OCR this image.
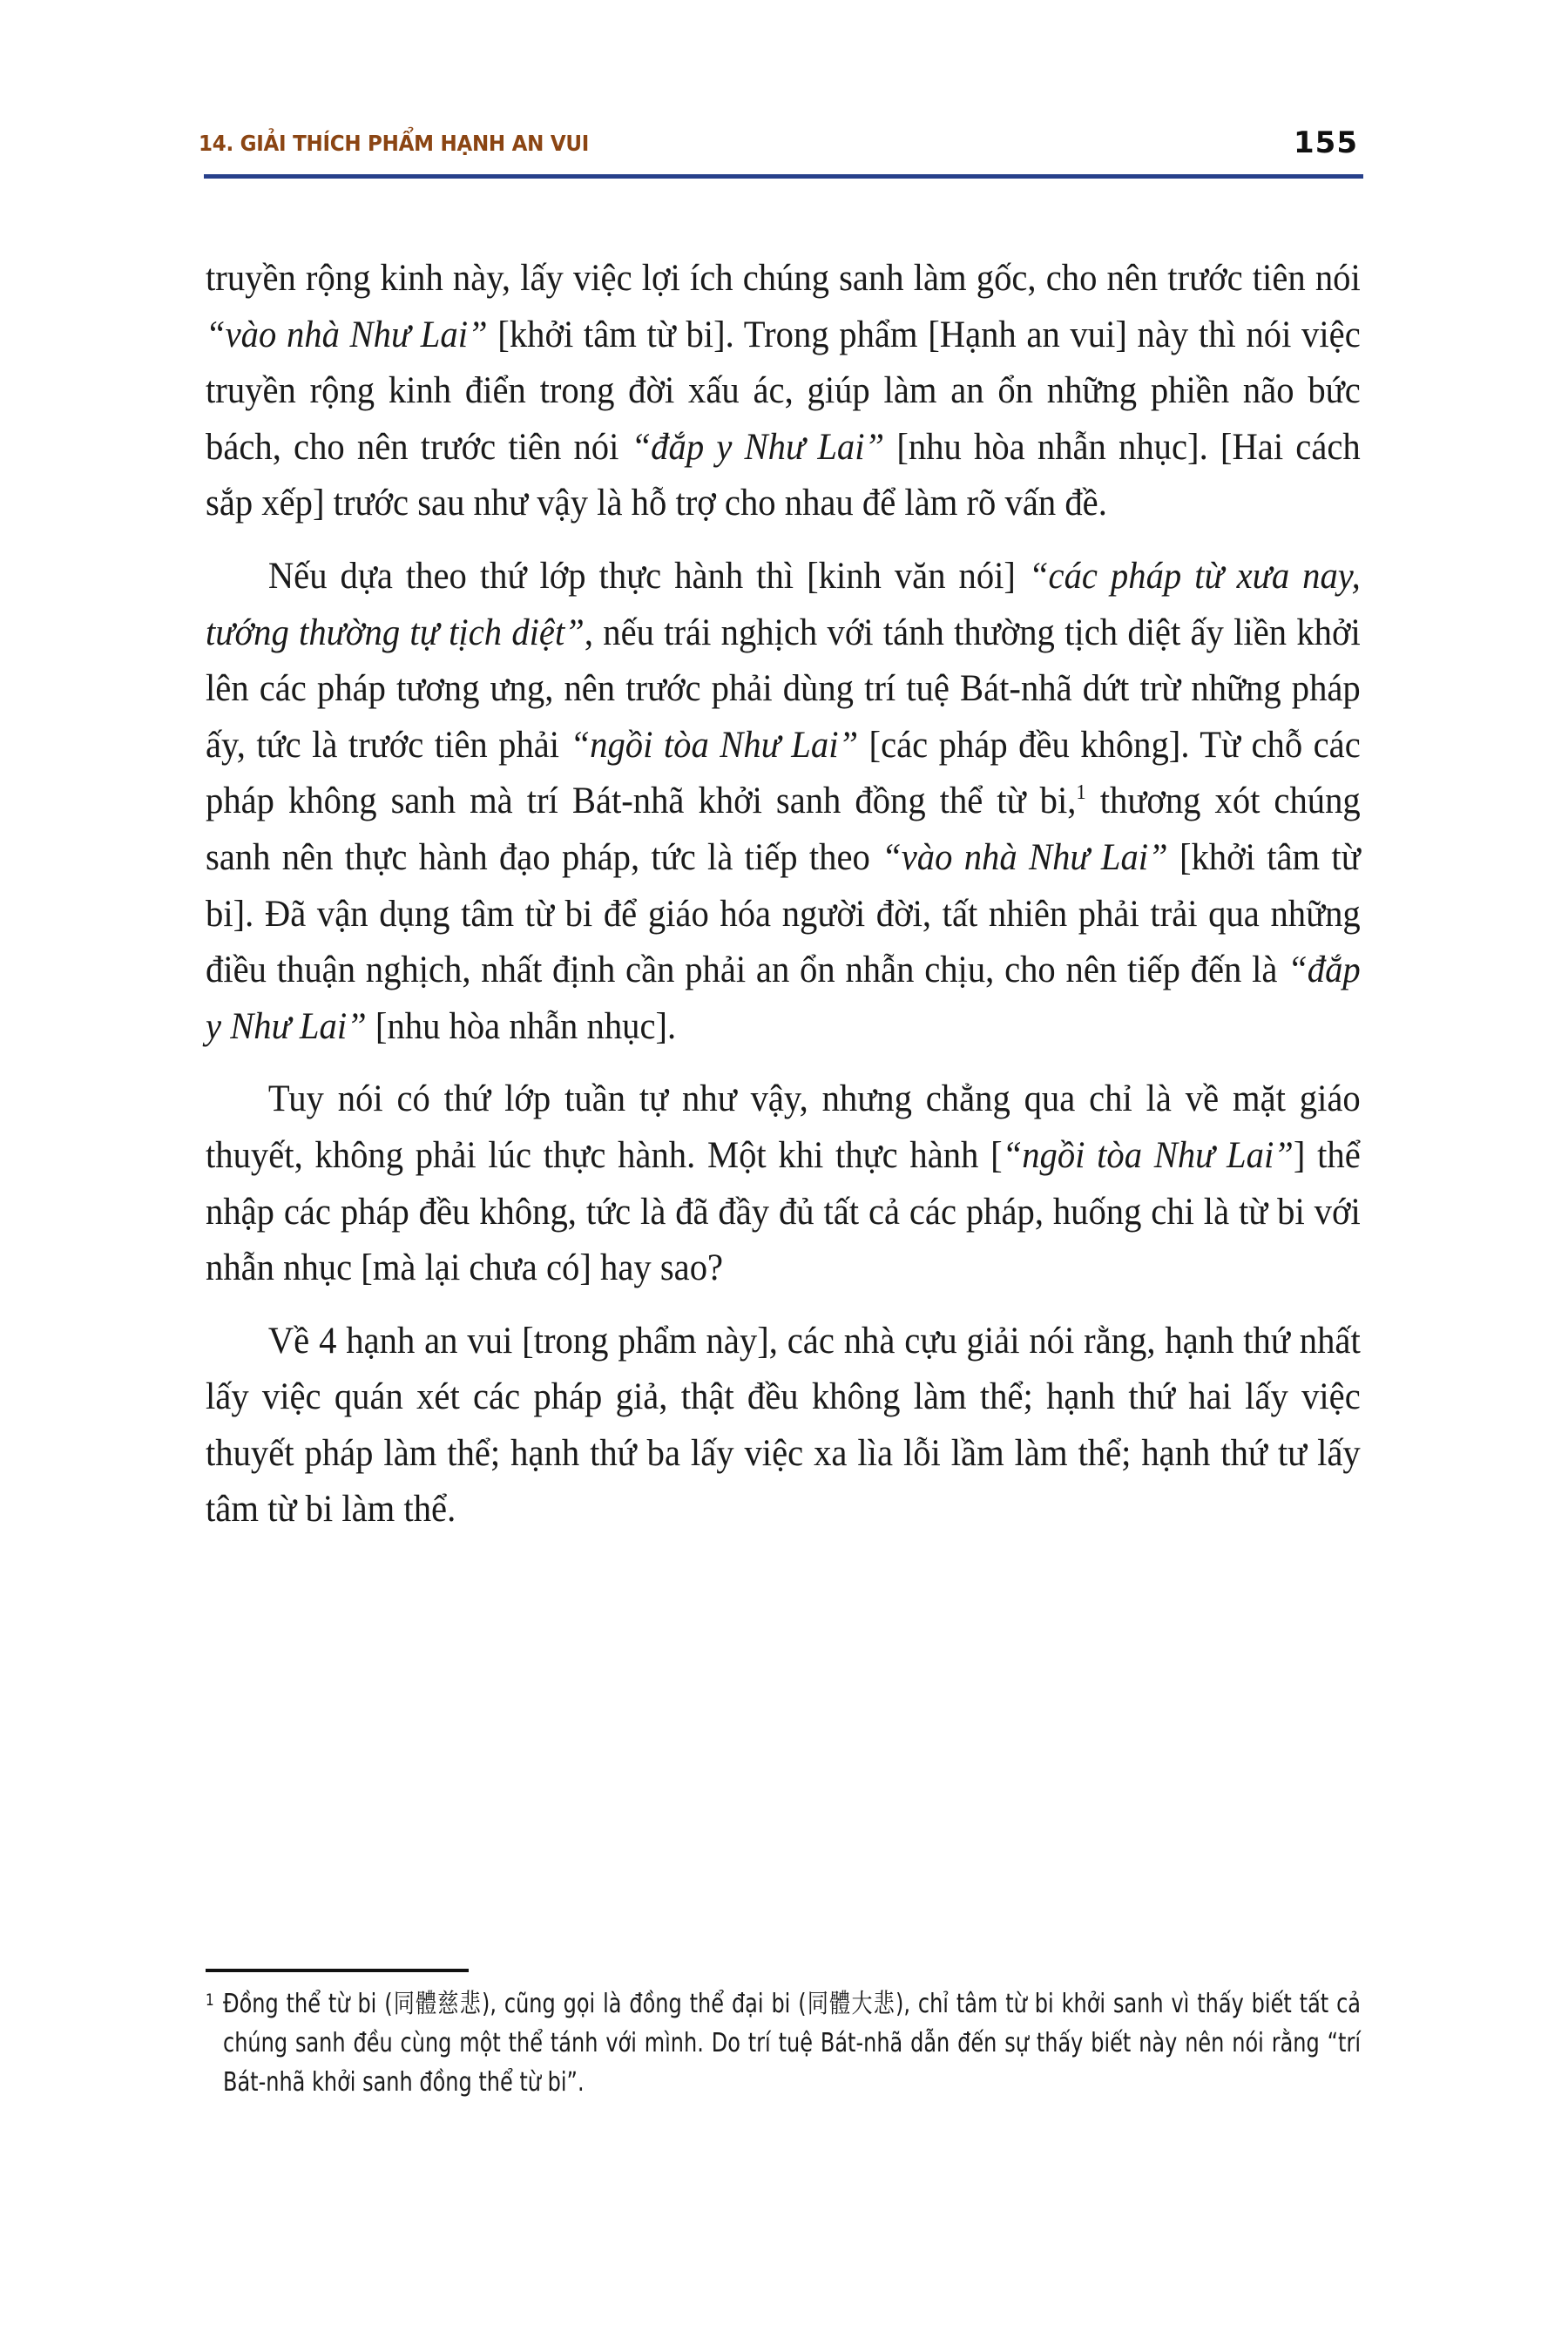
14. GIẢI THÍCH PHẨM HẠNH AN VUI	155

truyền rộng kinh này, lấy việc lợi ích chúng sanh làm gốc, cho nên trước tiên nói “vào nhà Như Lai” [khởi tâm từ bi]. Trong phẩm [Hạnh an vui] này thì nói việc truyền rộng kinh điển trong đời xấu ác, giúp làm an ổn những phiền não bức bách, cho nên trước tiên nói “đắp y Như Lai” [nhu hòa nhẫn nhục]. [Hai cách sắp xếp] trước sau như vậy là hỗ trợ cho nhau để làm rõ vấn đề.

Nếu dựa theo thứ lớp thực hành thì [kinh văn nói] “các pháp từ xưa nay, tướng thường tự tịch diệt”, nếu trái nghịch với tánh thường tịch diệt ấy liền khởi lên các pháp tương ưng, nên trước phải dùng trí tuệ Bát-nhã dứt trừ những pháp ấy, tức là trước tiên phải “ngồi tòa Như Lai” [các pháp đều không]. Từ chỗ các pháp không sanh mà trí Bát-nhã khởi sanh đồng thể từ bi,$^1$ thương xót chúng sanh nên thực hành đạo pháp, tức là tiếp theo “vào nhà Như Lai” [khởi tâm từ bi]. Đã vận dụng tâm từ bi để giáo hóa người đời, tất nhiên phải trải qua những điều thuận nghịch, nhất định cần phải an ổn nhẫn chịu, cho nên tiếp đến là “đắp y Như Lai” [nhu hòa nhẫn nhục].

Tuy nói có thứ lớp tuần tự như vậy, nhưng chẳng qua chỉ là về mặt giáo thuyết, không phải lúc thực hành. Một khi thực hành [“ngồi tòa Như Lai”] thể nhập các pháp đều không, tức là đã đầy đủ tất cả các pháp, huống chi là từ bi với nhẫn nhục [mà lại chưa có] hay sao?

Về 4 hạnh an vui [trong phẩm này], các nhà cựu giải nói rằng, hạnh thứ nhất lấy việc quán xét các pháp giả, thật đều không làm thể; hạnh thứ hai lấy việc thuyết pháp làm thể; hạnh thứ ba lấy việc xa lìa lỗi lầm làm thể; hạnh thứ tư lấy tâm từ bi làm thể.

1 Đồng thể từ bi (同體慈悲), cũng gọi là đồng thể đại bi (同體大悲), chỉ tâm từ bi khởi sanh vì thấy biết tất cả chúng sanh đều cùng một thể tánh với mình. Do trí tuệ Bát-nhã dẫn đến sự thấy biết này nên nói rằng “trí Bát-nhã khởi sanh đồng thể từ bi”.
